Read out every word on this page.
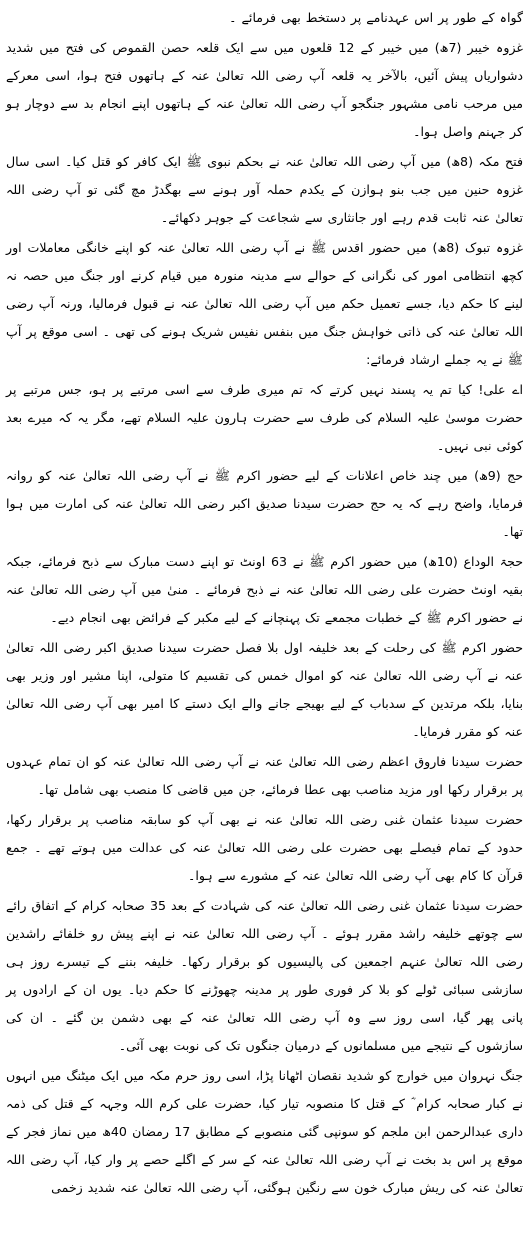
گواہ کے طور پر اس عہدنامے پر دستخط بھی فرمائے ۔

غزوہ خیبر (7ھ) میں خیبر کے 12 قلعوں میں سے ایک قلعہ حصن القموص کی فتح میں شدید دشواریاں پیش آئیں، بالآخر یہ قلعہ آپ رضی اللہ تعالیٰ عنہ کے ہاتھوں فتح ہوا، اسی معرکے میں مرحب نامی مشہور جنگجو آپ رضی اللہ تعالیٰ عنہ کے ہاتھوں اپنے انجام بد سے دوچار ہو کر جہنم واصل ہوا۔

فتح مکہ (8ھ) میں آپ رضی اللہ تعالیٰ عنہ نے بحکم نبوی ﷺ ایک کافر کو قتل کیا۔ اسی سال غزوہ حنین میں جب بنو ہوازن کے یکدم حملہ آور ہونے سے بھگدڑ مچ گئی تو آپ رضی اللہ تعالیٰ عنہ ثابت قدم رہے اور جانثاری سے شجاعت کے جوہر دکھائے۔

غزوہ تبوک (8ھ) میں حضور اقدس ﷺ نے آپ رضی اللہ تعالیٰ عنہ کو اپنے خانگی معاملات اور کچھ انتظامی امور کی نگرانی کے حوالے سے مدینہ منورہ میں قیام کرنے اور جنگ میں حصہ نہ لینے کا حکم دیا، جسے تعمیل حکم میں آپ رضی اللہ تعالیٰ عنہ نے قبول فرمالیا، ورنہ آپ رضی اللہ تعالیٰ عنہ کی ذاتی خواہش جنگ میں بنفس نفیس شریک ہونے کی تھی ۔ اسی موقع پر آپ ﷺ نے یہ جملے ارشاد فرمائے:

اے علی! کیا تم یہ پسند نہیں کرتے کہ تم میری طرف سے اسی مرتبے پر ہو، جس مرتبے پر حضرت موسیٰ علیہ السلام کی طرف سے حضرت ہارون علیہ السلام تھے، مگر یہ کہ میرے بعد کوئی نبی نہیں۔

حج (9ھ) میں چند خاص اعلانات کے لیے حضور اکرم ﷺ نے آپ رضی اللہ تعالیٰ عنہ کو روانہ فرمایا، واضح رہے کہ یہ حج حضرت سیدنا صدیق اکبر رضی اللہ تعالیٰ عنہ کی امارت میں ہوا تھا۔

حجۃ الوداع (10ھ) میں حضور اکرم ﷺ نے 63 اونٹ تو اپنے دست مبارک سے ذبح فرمائے، جبکہ بقیہ اونٹ حضرت علی رضی اللہ تعالیٰ عنہ نے ذبح فرمائے ۔ منیٰ میں آپ رضی اللہ تعالیٰ عنہ نے حضور اکرم ﷺ کے خطبات مجمعے تک پہنچانے کے لیے مکبر کے فرائض بھی انجام دیے۔

حضور اکرم ﷺ کی رحلت کے بعد خلیفہ اول بلا فصل حضرت سیدنا صدیق اکبر رضی اللہ تعالیٰ عنہ نے آپ رضی اللہ تعالیٰ عنہ کو اموال خمس کی تقسیم کا متولی، اپنا مشیر اور وزیر بھی بنایا، بلکہ مرتدین کے سدباب کے لیے بھیجے جانے والے ایک دستے کا امیر بھی آپ رضی اللہ تعالیٰ عنہ کو مقرر فرمایا۔

حضرت سیدنا فاروق اعظم رضی اللہ تعالیٰ عنہ نے آپ رضی اللہ تعالیٰ عنہ کو ان تمام عہدوں پر برقرار رکھا اور مزید مناصب بھی عطا فرمائے، جن میں قاضی کا منصب بھی شامل تھا۔

حضرت سیدنا عثمان غنی رضی اللہ تعالیٰ عنہ نے بھی آپ کو سابقہ مناصب پر برقرار رکھا، حدود کے تمام فیصلے بھی حضرت علی رضی اللہ تعالیٰ عنہ کی عدالت میں ہوتے تھے ۔ جمع قرآن کا کام بھی آپ رضی اللہ تعالیٰ عنہ کے مشورے سے ہوا۔

حضرت سیدنا عثمان غنی رضی اللہ تعالیٰ عنہ کی شہادت کے بعد 35 صحابہ کرام کے اتفاق رائے سے چوتھے خلیفہ راشد مقرر ہوئے ۔ آپ رضی اللہ تعالیٰ عنہ نے اپنے پیش رو خلفائے راشدین رضی اللہ تعالیٰ عنہم اجمعین کی پالیسیوں کو برقرار رکھا۔ خلیفہ بننے کے تیسرے روز ہی سازشی سبائی ٹولے کو بلا کر فوری طور پر مدینہ چھوڑنے کا حکم دیا۔ یوں ان کے ارادوں پر پانی پھر گیا، اسی روز سے وہ آپ رضی اللہ تعالیٰ عنہ کے بھی دشمن بن گئے ۔ ان کی سازشوں کے نتیجے میں مسلمانوں کے درمیان جنگوں تک کی نوبت بھی آئی۔

جنگ نہروان میں خوارج کو شدید نقصان اٹھانا پڑا، اسی روز حرم مکہ میں ایک میٹنگ میں انہوں نے کبار صحابہ کرام ؓ کے قتل کا منصوبہ تیار کیا، حضرت علی کرم اللہ وجہہ کے قتل کی ذمہ داری عبدالرحمن ابن ملجم کو سونپی گئی منصوبے کے مطابق 17 رمضان 40ھ میں نماز فجر کے موقع پر اس بد بخت نے آپ رضی اللہ تعالیٰ عنہ کے سر کے اگلے حصے پر وار کیا، آپ رضی اللہ تعالیٰ عنہ کی ریش مبارک خون سے رنگین ہوگئی، آپ رضی اللہ تعالیٰ عنہ شدید زخمی
